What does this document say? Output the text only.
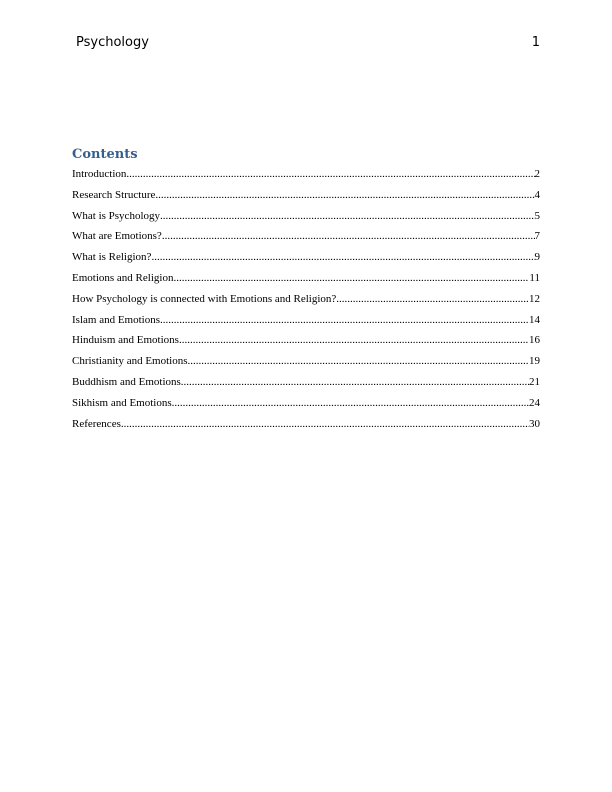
Psychology	1
Contents
Introduction .....	2
Research Structure .....	4
What is Psychology .....	5
What are Emotions? .....	7
What is Religion? .....	9
Emotions and Religion .....	11
How Psychology is connected with Emotions and Religion? .....	12
Islam and Emotions .....	14
Hinduism and Emotions .....	16
Christianity and Emotions .....	19
Buddhism and Emotions .....	21
Sikhism and Emotions .....	24
References .....	30
